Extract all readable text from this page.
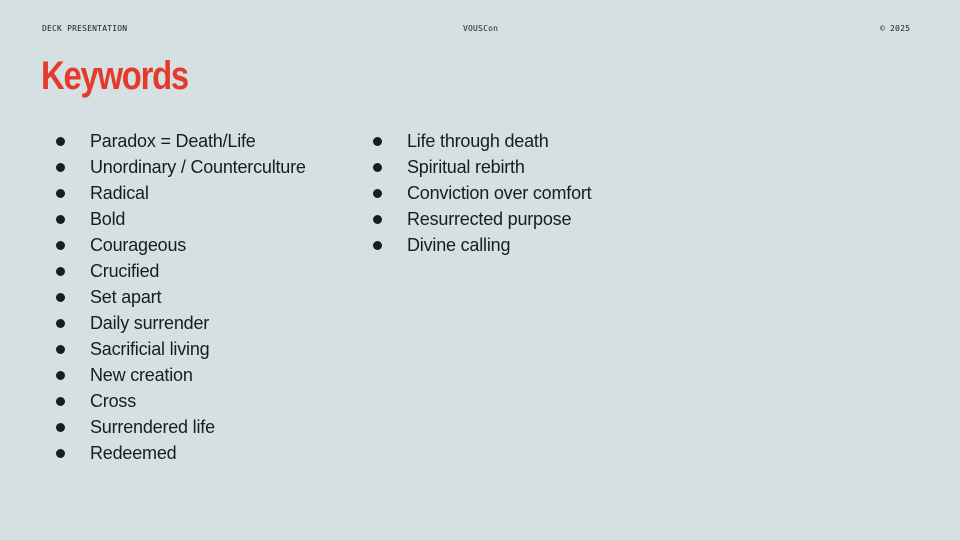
DECK PRESENTATION	VOUSCon	© 2025
Keywords
Paradox = Death/Life
Unordinary / Counterculture
Radical
Bold
Courageous
Crucified
Set apart
Daily surrender
Sacrificial living
New creation
Cross
Surrendered life
Redeemed
Life through death
Spiritual rebirth
Conviction over comfort
Resurrected purpose
Divine calling
